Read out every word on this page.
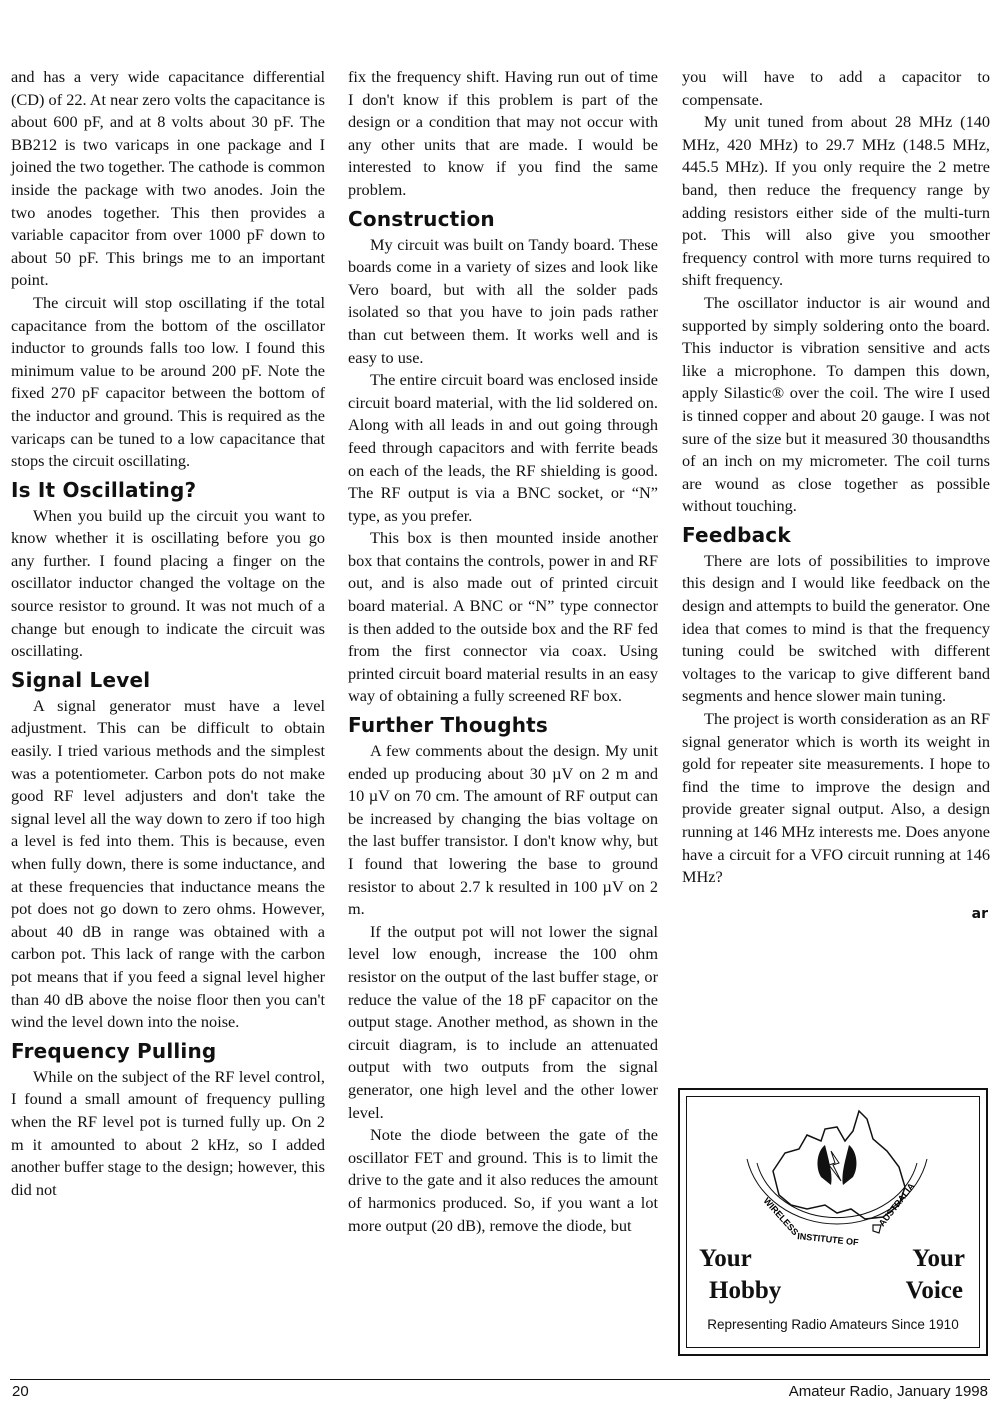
and has a very wide capacitance differential (CD) of 22. At near zero volts the capacitance is about 600 pF, and at 8 volts about 30 pF. The BB212 is two varicaps in one package and I joined the two together. The cathode is common inside the package with two anodes. Join the two anodes together. This then provides a variable capacitor from over 1000 pF down to about 50 pF. This brings me to an important point.

The circuit will stop oscillating if the total capacitance from the bottom of the oscillator inductor to grounds falls too low. I found this minimum value to be around 200 pF. Note the fixed 270 pF capacitor between the bottom of the inductor and ground. This is required as the varicaps can be tuned to a low capacitance that stops the circuit oscillating.

Is It Oscillating?

When you build up the circuit you want to know whether it is oscillating before you go any further. I found placing a finger on the oscillator inductor changed the voltage on the source resistor to ground. It was not much of a change but enough to indicate the circuit was oscillating.

Signal Level

A signal generator must have a level adjustment. This can be difficult to obtain easily. I tried various methods and the simplest was a potentiometer. Carbon pots do not make good RF level adjusters and don't take the signal level all the way down to zero if too high a level is fed into them. This is because, even when fully down, there is some inductance, and at these frequencies that inductance means the pot does not go down to zero ohms. However, about 40 dB in range was obtained with a carbon pot. This lack of range with the carbon pot means that if you feed a signal level higher than 40 dB above the noise floor then you can't wind the level down into the noise.

Frequency Pulling

While on the subject of the RF level control, I found a small amount of frequency pulling when the RF level pot is turned fully up. On 2 m it amounted to about 2 kHz, so I added another buffer stage to the design; however, this did not

fix the frequency shift. Having run out of time I don't know if this problem is part of the design or a condition that may not occur with any other units that are made. I would be interested to know if you find the same problem.

Construction

My circuit was built on Tandy board. These boards come in a variety of sizes and look like Vero board, but with all the solder pads isolated so that you have to join pads rather than cut between them. It works well and is easy to use.

The entire circuit board was enclosed inside circuit board material, with the lid soldered on. Along with all leads in and out going through feed through capacitors and with ferrite beads on each of the leads, the RF shielding is good. The RF output is via a BNC socket, or “N” type, as you prefer.

This box is then mounted inside another box that contains the controls, power in and RF out, and is also made out of printed circuit board material. A BNC or “N” type connector is then added to the outside box and the RF fed from the first connector via coax. Using printed circuit board material results in an easy way of obtaining a fully screened RF box.

Further Thoughts

A few comments about the design. My unit ended up producing about 30 µV on 2 m and 10 µV on 70 cm. The amount of RF output can be increased by changing the bias voltage on the last buffer transistor. I don't know why, but I found that lowering the base to ground resistor to about 2.7 k resulted in 100 µV on 2 m.

If the output pot will not lower the signal level low enough, increase the 100 ohm resistor on the output of the last buffer stage, or reduce the value of the 18 pF capacitor on the output stage. Another method, as shown in the circuit diagram, is to include an attenuated output with two outputs from the signal generator, one high level and the other lower level.

Note the diode between the gate of the oscillator FET and ground. This is to limit the drive to the gate and it also reduces the amount of harmonics produced. So, if you want a lot more output (20 dB), remove the diode, but

you will have to add a capacitor to compensate.

My unit tuned from about 28 MHz (140 MHz, 420 MHz) to 29.7 MHz (148.5 MHz, 445.5 MHz). If you only require the 2 metre band, then reduce the frequency range by adding resistors either side of the multi-turn pot. This will also give you smoother frequency control with more turns required to shift frequency.

The oscillator inductor is air wound and supported by simply soldering onto the board. This inductor is vibration sensitive and acts like a microphone. To dampen this down, apply Silastic® over the coil. The wire I used is tinned copper and about 20 gauge. I was not sure of the size but it measured 30 thousandths of an inch on my micrometer. The coil turns are wound as close together as possible without touching.

Feedback

There are lots of possibilities to improve this design and I would like feedback on the design and attempts to build the generator. One idea that comes to mind is that the frequency tuning could be switched with different voltages to the varicap to give different band segments and hence slower main tuning.

The project is worth consideration as an RF signal generator which is worth its weight in gold for repeater site measurements. I hope to find the time to improve the design and provide greater signal output. Also, a design running at 146 MHz interests me. Does anyone have a circuit for a VFO circuit running at 146 MHz?

ar
WIRELESS
INSTITUTE OF
AUSTRALIA
Your	Your
Hobby	Voice
Representing Radio Amateurs Since 1910
20	Amateur Radio, January 1998
